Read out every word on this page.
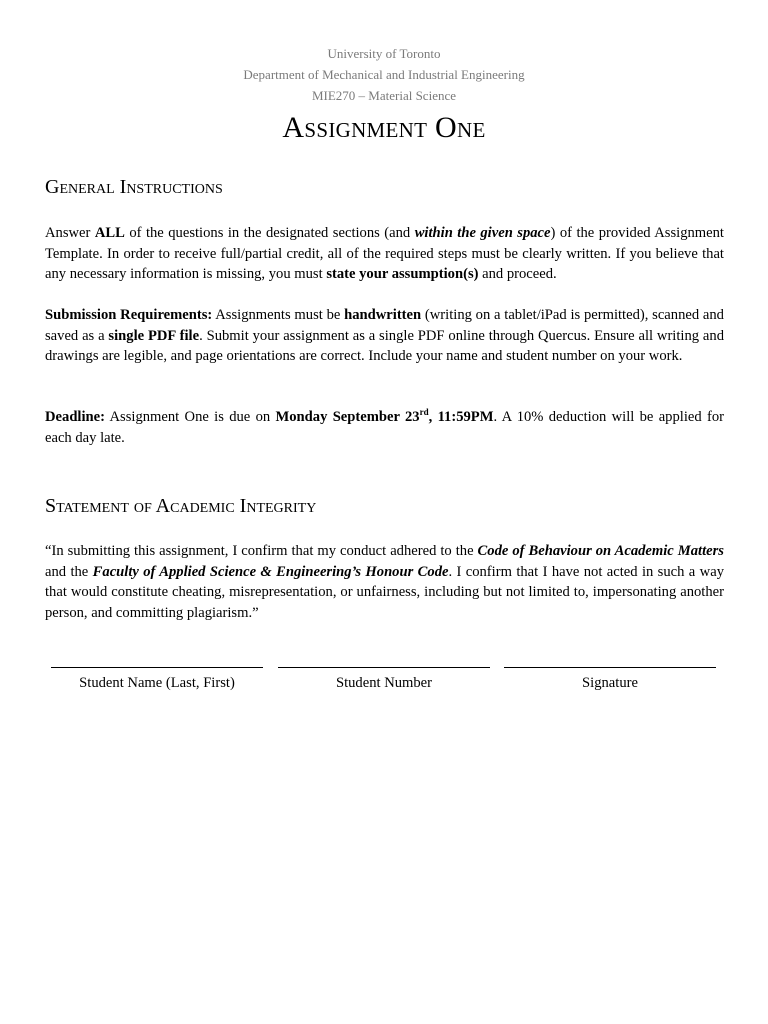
University of Toronto
Department of Mechanical and Industrial Engineering
MIE270 – Material Science
Assignment One
General Instructions

Answer ALL of the questions in the designated sections (and within the given space) of the provided Assignment Template. In order to receive full/partial credit, all of the required steps must be clearly written. If you believe that any necessary information is missing, you must state your assumption(s) and proceed.

Submission Requirements: Assignments must be handwritten (writing on a tablet/iPad is permitted), scanned and saved as a single PDF file. Submit your assignment as a single PDF online through Quercus. Ensure all writing and drawings are legible, and page orientations are correct. Include your name and student number on your work.

Deadline: Assignment One is due on Monday September 23rd, 11:59PM. A 10% deduction will be applied for each day late.

Statement of Academic Integrity

“In submitting this assignment, I confirm that my conduct adhered to the Code of Behaviour on Academic Matters and the Faculty of Applied Science & Engineering’s Honour Code. I confirm that I have not acted in such a way that would constitute cheating, misrepresentation, or unfairness, including but not limited to, impersonating another person, and committing plagiarism.”

Student Name (Last, First)	Student Number	Signature
